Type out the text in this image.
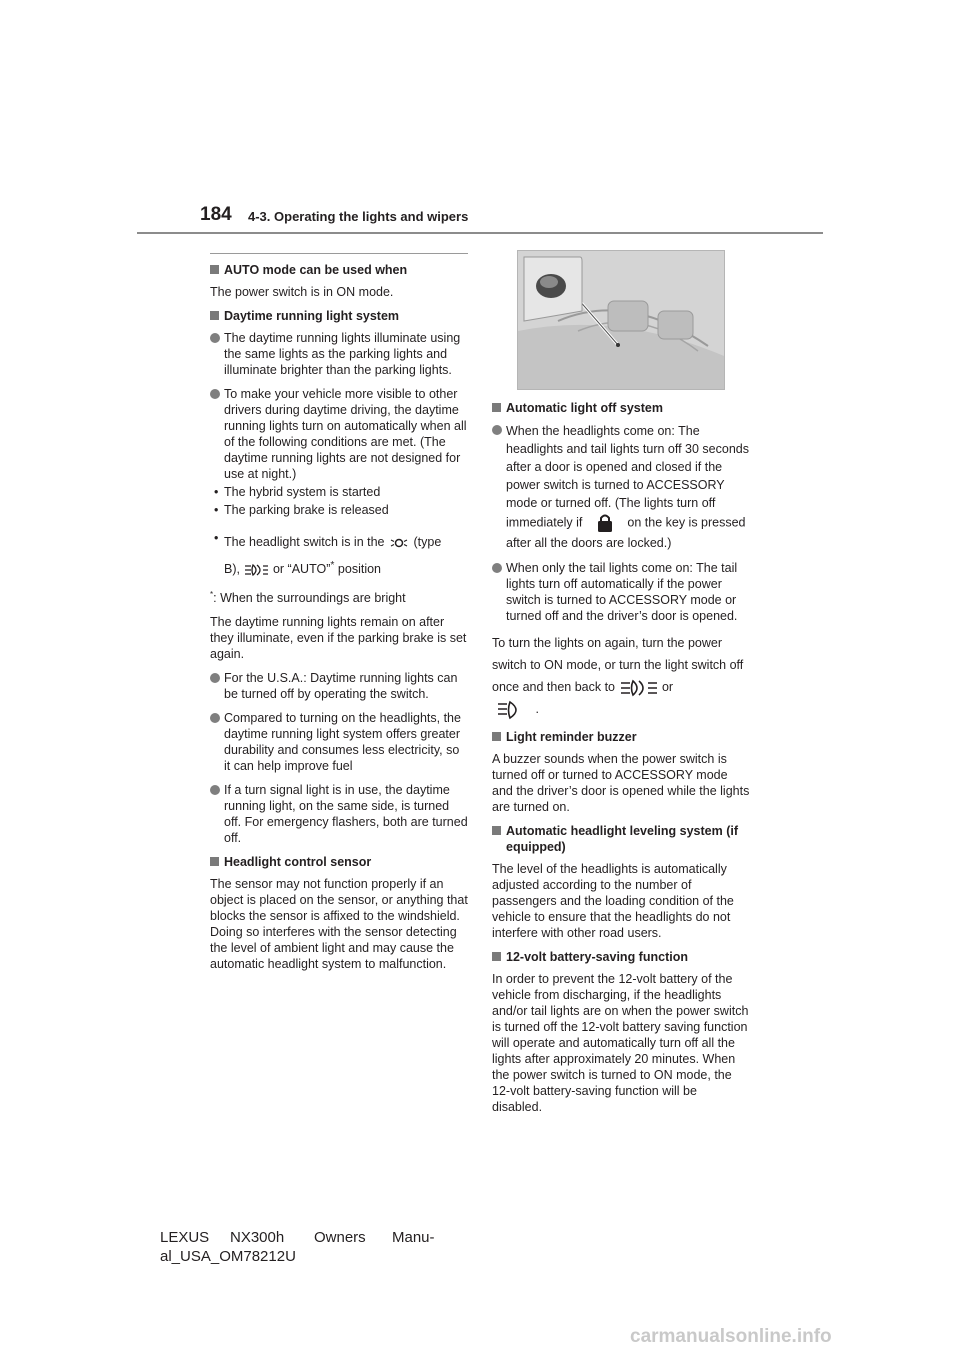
184 4-3. Operating the lights and wipers
AUTO mode can be used when
The power switch is in ON mode.
Daytime running light system
The daytime running lights illuminate using the same lights as the parking lights and illuminate brighter than the parking lights.
To make your vehicle more visible to other drivers during daytime driving, the daytime running lights turn on automatically when all of the following conditions are met. (The daytime running lights are not designed for use at night.)
• The hybrid system is started
• The parking brake is released
• The headlight switch is in the (type
B),	or “AUTO”* position
*: When the surroundings are bright
The daytime running lights remain on after they illuminate, even if the parking brake is set again.
For the U.S.A.: Daytime running lights can be turned off by operating the switch.
Compared to turning on the headlights, the daytime running light system offers greater durability and consumes less electricity, so it can help improve fuel
If a turn signal light is in use, the daytime running light, on the same side, is turned off. For emergency flashers, both are turned off.
Headlight control sensor
The sensor may not function properly if an object is placed on the sensor, or anything that blocks the sensor is affixed to the windshield.
Doing so interferes with the sensor detecting the level of ambient light and may cause the automatic headlight system to malfunction.
Automatic light off system
When the headlights come on: The headlights and tail lights turn off 30 seconds after a door is opened and closed if the power switch is turned to ACCESSORY mode or turned off. (The lights turn off immediately if	on the key is pressed after all the doors are locked.)
When only the tail lights come on: The tail lights turn off automatically if the power switch is turned to ACCESSORY mode or turned off and the driver’s door is opened.
To turn the lights on again, turn the power switch to ON mode, or turn the light switch off once and then back to	or
.
Light reminder buzzer
A buzzer sounds when the power switch is turned off or turned to ACCESSORY mode and the driver’s door is opened while the lights are turned on.
Automatic headlight leveling system (if equipped)
The level of the headlights is automatically adjusted according to the number of passengers and the loading condition of the vehicle to ensure that the headlights do not interfere with other road users.
12-volt battery-saving function
In order to prevent the 12-volt battery of the vehicle from discharging, if the headlights and/or tail lights are on when the power switch is turned off the 12-volt battery saving function will operate and automatically turn off all the lights after approximately 20 minutes. When the power switch is turned to ON mode, the 12-volt battery-saving function will be disabled.
LEXUS NX300h Owners Manu-
al_USA_OM78212U
carmanualsonline.info
